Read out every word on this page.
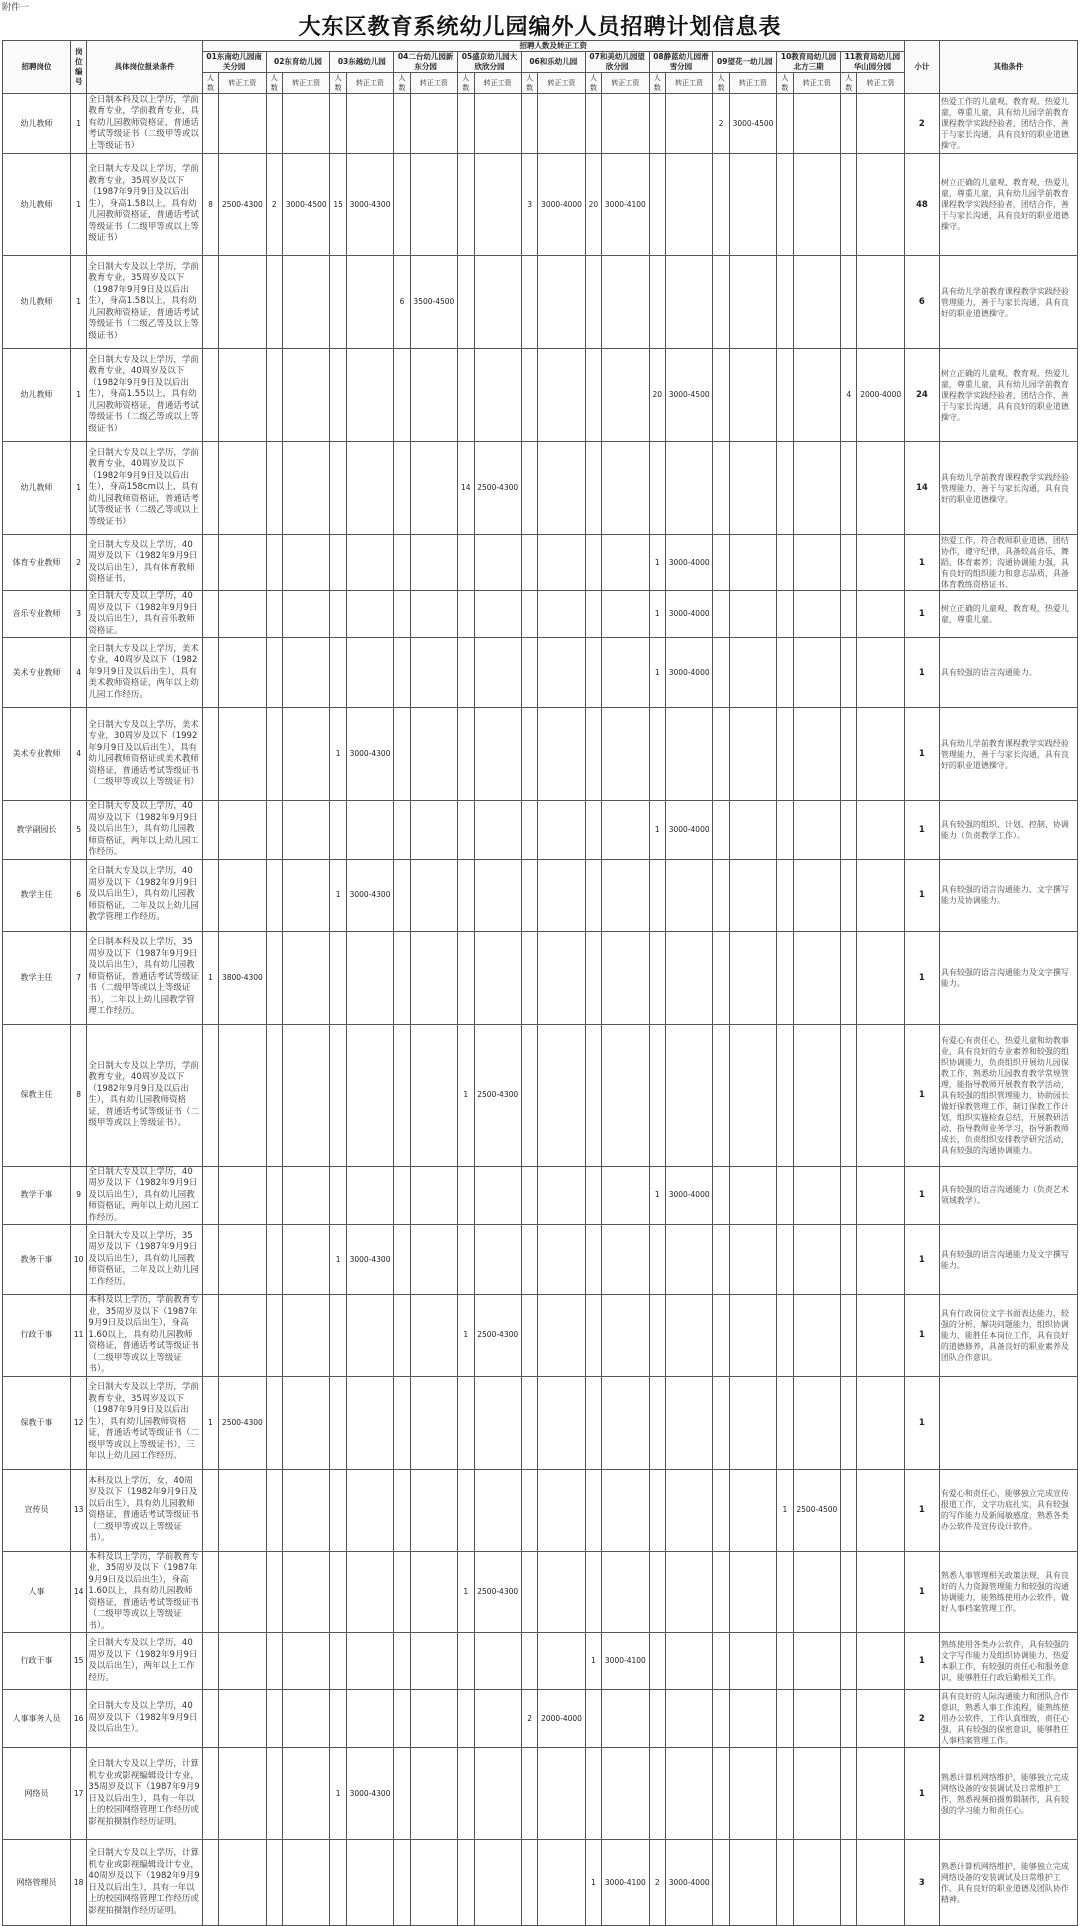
附件一
大东区教育系统幼儿园编外人员招聘计划信息表
招聘岗位	岗位编号	具体岗位报录条件	招聘人数及转正工资																						小计	其他条件
			01东南幼儿园南关分园		02东育幼儿园		03东越幼儿园		04二台幼儿园新东分园		05盛京幼儿园大欣欣分园		06和乐幼儿园		07和美幼儿园望欣分园		08静蓝幼儿园滑雪分园		09望花一幼儿园		10教育局幼儿园北方三期		11教育局幼儿园华山园分园			
			人数	转正工资	人数	转正工资	人数	转正工资	人数	转正工资	人数	转正工资	人数	转正工资	人数	转正工资	人数	转正工资	人数	转正工资	人数	转正工资	人数	转正工资		
幼儿教师	1	全日制本科及以上学历，学前教育专业，学前教育专业，具有幼儿园教师资格证，普通话考试等级证书（二级甲等或以上等级证书）																	2	3000-4500					2	热爱工作的儿童观、教育观，热爱儿童，尊重儿童，具有幼儿园学前教育课程教学实践经验者，团结合作，善于与家长沟通，具有良好的职业道德操守。
幼儿教师	1	全日制大专及以上学历，学前教育专业，35周岁及以下（1987年9月9日及以后出生），身高1.58以上，具有幼儿园教师资格证，普通话考试等级证书（二级甲等或以上等级证书）	8	2500-4300	2	3000-4500	15	3000-4300					3	3000-4000	20	3000-4100									48	树立正确的儿童观、教育观，热爱儿童，尊重儿童，具有幼儿园学前教育课程教学实践经验者，团结合作，善于与家长沟通，具有良好的职业道德操守。
幼儿教师	1	全日制大专及以上学历，学前教育专业，35周岁及以下（1987年9月9日及以后出生），身高1.58以上，具有幼儿园教师资格证，普通话考试等级证书（二级乙等及以上等级证书）							6	3500-4500															6	具有幼儿学前教育课程教学实践经验管理能力，善于与家长沟通，具有良好的职业道德操守。
幼儿教师	1	全日制大专及以上学历，学前教育专业，40周岁及以下（1982年9月9日及以后出生），身高1.55以上，具有幼儿园教师资格证，普通话考试等级证书（二级乙等或以上等级证书）															20	3000-4500					4	2000-4000	24	树立正确的儿童观、教育观，热爱儿童，尊重儿童，具有幼儿园学前教育课程教学实践经验者，团结合作，善于与家长沟通，具有良好的职业道德操守。
幼儿教师	1	全日制大专及以上学历，学前教育专业，40周岁及以下（1982年9月9日及以后出生），身高158cm以上，具有幼儿园教师资格证，普通话考试等级证书（二级乙等或以上等级证书）									14	2500-4300													14	具有幼儿学前教育课程教学实践经验管理能力，善于与家长沟通，具有良好的职业道德操守。
体育专业教师	2	全日制大专及以上学历，40周岁及以下（1982年9月9日及以后出生），具有体育教师资格证书。															1	3000-4000							1	热爱工作，符合教师职业道德，团结协作，遵守纪律，具备较高音乐、舞蹈、体育素养；沟通协调能力强，具有良好的组织能力和意志品质，具备体育教练资格证书。
音乐专业教师	3	全日制大专及以上学历，40周岁及以下（1982年9月9日及以后出生），具有音乐教师资格证。															1	3000-4000							1	树立正确的儿童观、教育观，热爱儿童，尊重儿童。
美术专业教师	4	全日制大专及以上学历，美术专业，40周岁及以下（1982年9月9日及以后出生），具有美术教师资格证，两年以上幼儿园工作经历。															1	3000-4000							1	具有较强的语言沟通能力。
美术专业教师	4	全日制大专及以上学历，美术专业，30周岁及以下（1992年9月9日及以后出生），具有幼儿园教师资格证或美术教师资格证，普通话考试等级证书（二级甲等或以上等级证书）					1	3000-4300																	1	具有幼儿学前教育课程教学实践经验管理能力，善于与家长沟通，具有良好的职业道德操守。
教学副园长	5	全日制大专及以上学历，40周岁及以下（1982年9月9日及以后出生），具有幼儿园教师资格证，两年以上幼儿园工作经历。															1	3000-4000							1	具有较强的组织、计划、控制、协调能力（负责教学工作）。
教学主任	6	全日制大专及以上学历，40周岁及以下（1982年9月9日及以后出生），具有幼儿园教师资格证，二年及以上幼儿园教学管理工作经历。					1	3000-4300																	1	具有较强的语言沟通能力、文字撰写能力及协调能力。
教学主任	7	全日制本科及以上学历，35周岁及以下（1987年9月9日及以后出生），具有幼儿园教师资格证，普通话考试等级证书（二级甲等或以上等级证书），二年以上幼儿园教学管理工作经历。	1	3800-4300																					1	具有较强的语言沟通能力及文字撰写能力。
保教主任	8	全日制大专及以上学历，学前教育专业，40周岁及以下（1982年9月9日及以后出生），具有幼儿园教师资格证，普通话考试等级证书（二级甲等或以上等级证书）。									1	2500-4300													1	有爱心有责任心，热爱儿童和幼教事业，具有良好的专业素养和较强的组织协调能力，负责组织开展幼儿园保教工作，熟悉幼儿园教育教学常规管理，能指导教师开展教育教学活动，具有较强的组织管理能力，协助园长做好保教管理工作，制订保教工作计划，组织实施检查总结，开展教研活动，指导教师业务学习，指导新教师成长，负责组织安排教学研究活动，具有较强的沟通协调能力。
教学干事	9	全日制大专及以上学历，40周岁及以下（1982年9月9日及以后出生），具有幼儿园教师资格证，两年以上幼儿园工作经历。															1	3000-4000							1	具有较强的语言沟通能力（负责艺术领域教学）。
教务干事	10	全日制大专及以上学历，35周岁及以下（1987年9月9日及以后出生），具有幼儿园教师资格证，二年及以上幼儿园工作经历。					1	3000-4300																	1	具有较强的语言沟通能力及文字撰写能力。
行政干事	11	本科及以上学历，学前教育专业，35周岁及以下（1987年9月9日及以后出生），身高1.60以上，具有幼儿园教师资格证，普通话考试等级证书（二级甲等或以上等级证书）。									1	2500-4300													1	具有行政岗位文字书面表达能力，较强的分析、解决问题能力，组织协调能力，能胜任本岗位工作，具有良好的道德修养，具备良好的职业素养及团队合作意识。
保教干事	12	全日制大专及以上学历，学前教育专业，35周岁及以下（1987年9月9日及以后出生），具有幼儿园教师资格证，普通话考试等级证书（二级甲等或以上等级证书），三年以上幼儿园工作经历。	1	2500-4300																					1	
宣传员	13	本科及以上学历，女，40周岁及以下（1982年9月9日及以后出生），具有幼儿园教师资格证，普通话考试等级证书（二级甲等或以上等级证书）。																			1	2500-4500			1	有爱心和责任心，能够独立完成宣传报道工作，文字功底扎实，具有较强的写作能力及新闻敏感度，熟悉各类办公软件及宣传设计软件。
人事	14	本科及以上学历，学前教育专业，35周岁及以下（1987年9月9日及以后出生），身高1.60以上，具有幼儿园教师资格证，普通话考试等级证书（二级甲等或以上等级证书）。									1	2500-4300													1	熟悉人事管理相关政策法规，具有良好的人力资源管理能力和较强的沟通协调能力，能熟练使用办公软件，做好人事档案管理工作。
行政干事	15	全日制大专及以上学历，40周岁及以下（1982年9月9日及以后出生），两年以上工作经历。													1	3000-4100									1	熟练使用各类办公软件，具有较强的文字写作能力及组织协调能力，热爱本职工作，有较强的责任心和服务意识，能够胜任行政后勤相关工作。
人事事务人员	16	全日制大专及以上学历，40周岁及以下（1982年9月9日及以后出生）。											2	2000-4000											2	具有良好的人际沟通能力和团队合作意识，熟悉人事工作流程，能熟练使用办公软件，工作认真细致，责任心强，具有较强的保密意识，能够胜任人事档案管理工作。
网络员	17	全日制大专及以上学历，计算机专业或影视编辑设计专业，35周岁及以下（1987年9月9日及以后出生），具有一年以上的校园网络管理工作经历或影视拍摄制作经历证明。					1	3000-4300																	1	熟悉计算机网络维护，能够独立完成网络设备的安装调试及日常维护工作，熟悉视频拍摄剪辑制作，具有较强的学习能力和责任心。
网络管理员	18	全日制大专及以上学历，计算机专业或影视编辑设计专业，40周岁及以下（1982年9月9日及以后出生），具有一年以上的校园网络管理工作经历或影视拍摄制作经历证明。													1	3000-4100	2	3000-4000							3	熟悉计算机网络维护，能够独立完成网络设备的安装调试及日常维护工作，具有良好的职业道德及团队协作精神。
